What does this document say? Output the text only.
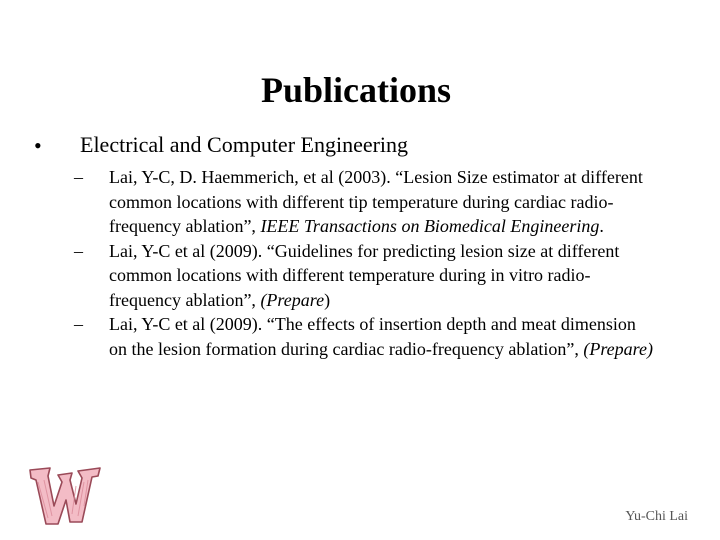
Publications
• Electrical and Computer Engineering
–	Lai, Y-C, D. Haemmerich, et al (2003). “Lesion Size estimator at different common locations with different tip temperature during cardiac radio-frequency ablation”, IEEE Transactions on Biomedical Engineering.
–	Lai, Y-C et al (2009). “Guidelines for predicting lesion size at different common locations with different temperature during in vitro radio-frequency ablation”, (Prepare)
–	Lai, Y-C et al (2009). “The effects of insertion depth and meat dimension on the lesion formation during cardiac radio-frequency ablation”, (Prepare)
Yu-Chi Lai
